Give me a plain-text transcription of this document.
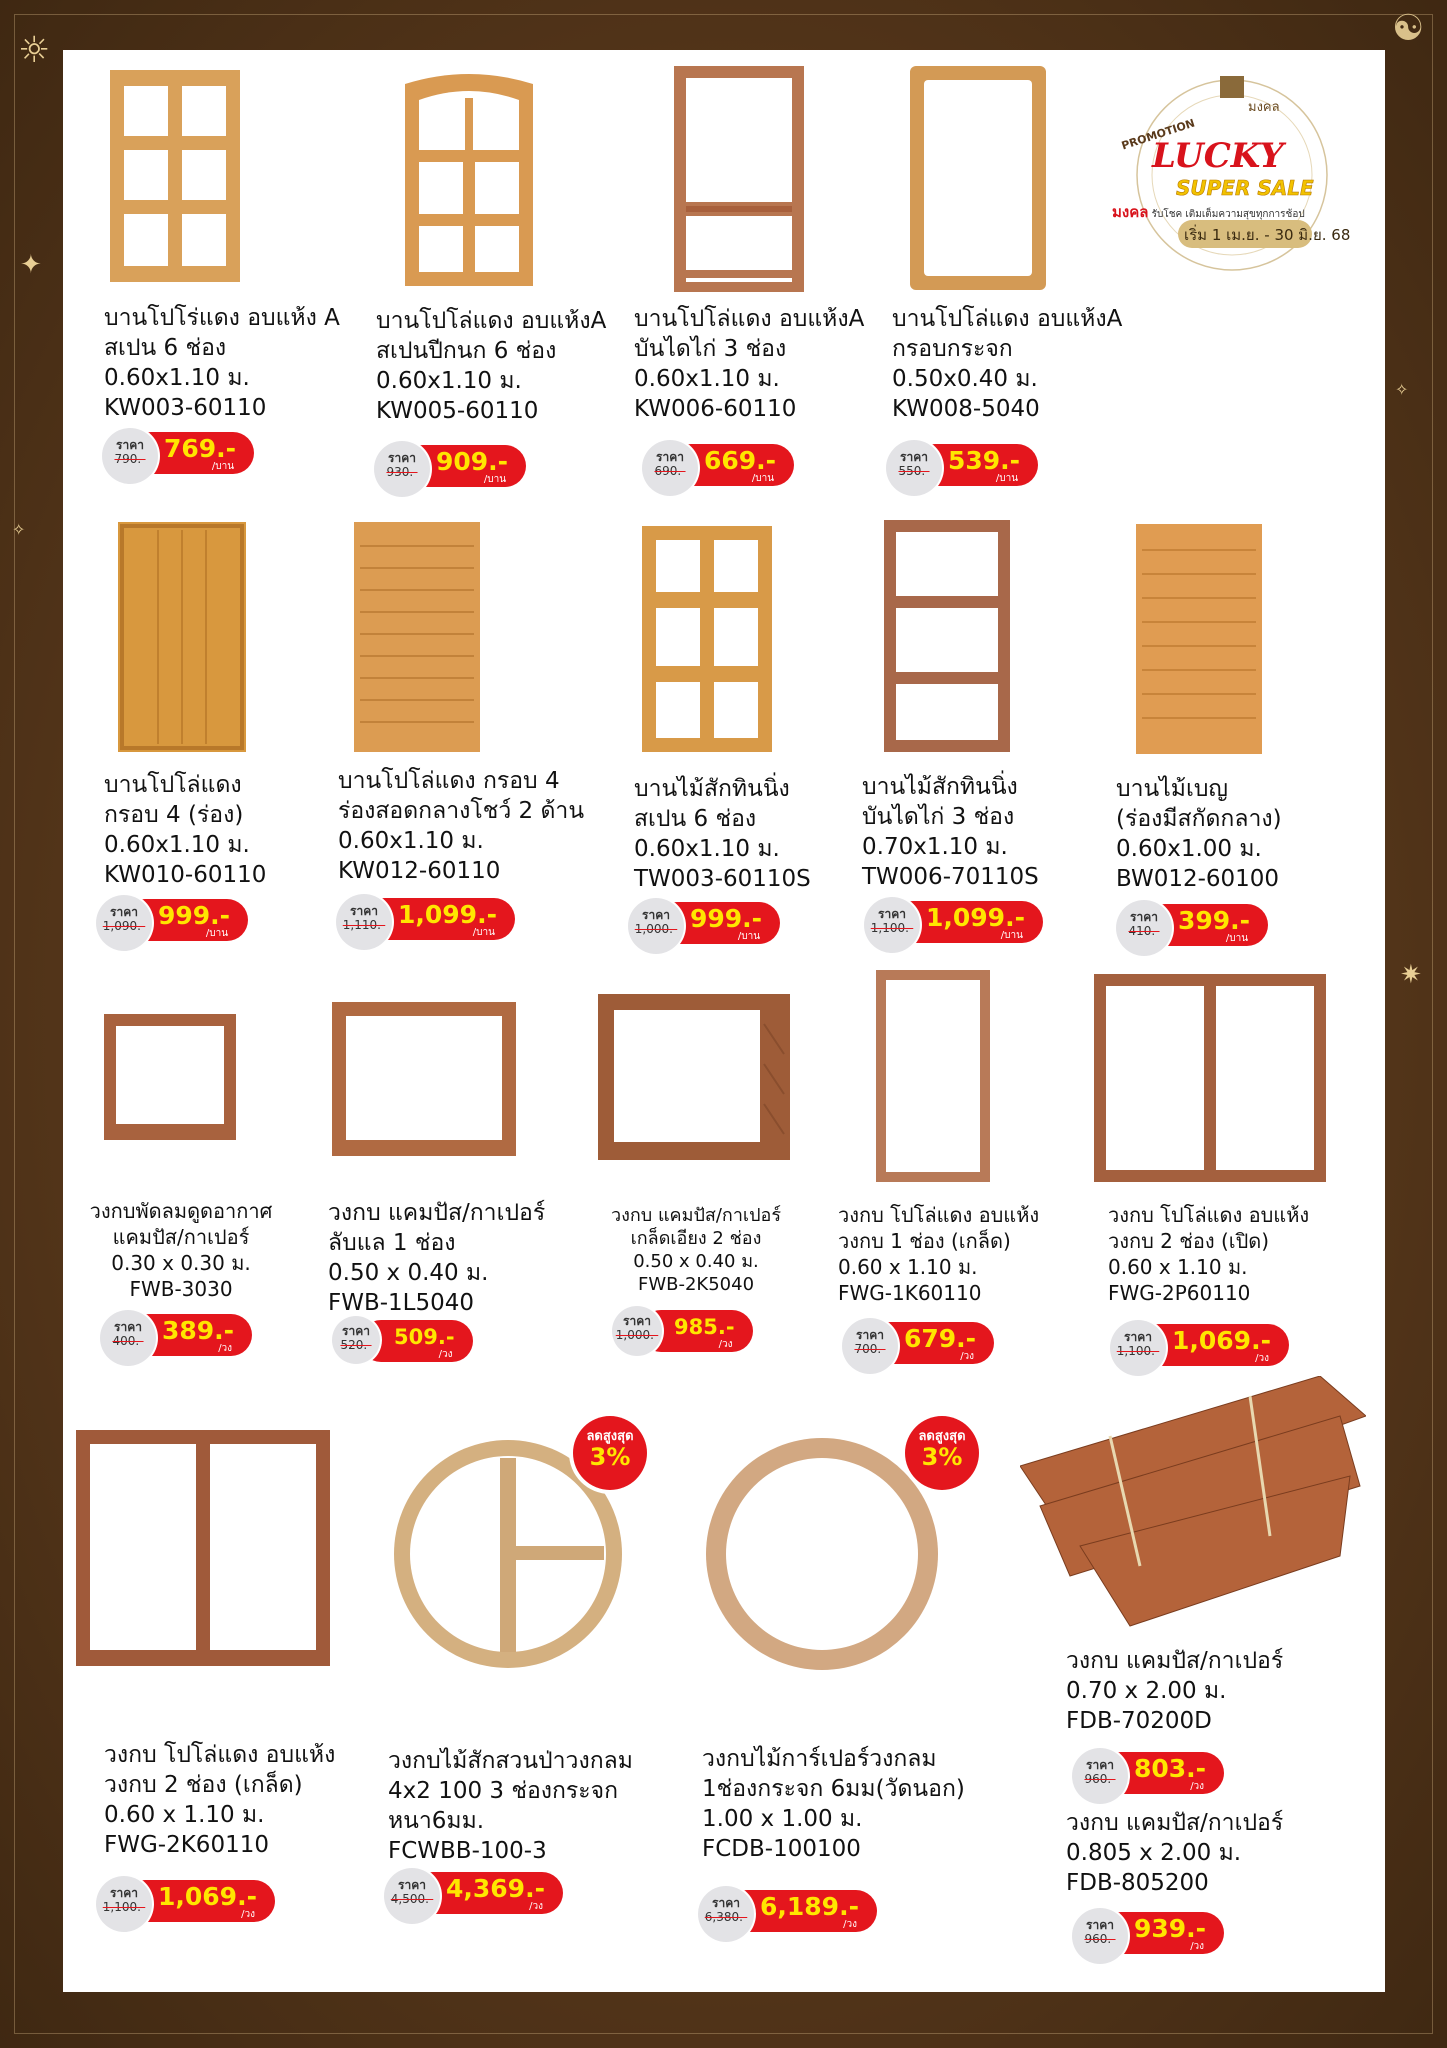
✦
✷
✧
✧
☯
☼
มงคล
PROMOTION
LUCKY
SUPER SALE
มงคล รับโชค เติมเต็มความสุขทุกการช้อป
เริ่ม 1 เม.ย. - 30 มิ.ย. 68
บานโปโร่แดง อบแห้ง A
สเปน 6 ช่อง
0.60x1.10 ม.
KW003-60110
769.-
/บาน
ราคา
790.-
บานโปโล่แดง อบแห้งA
สเปนปีกนก 6 ช่อง
0.60x1.10 ม.
KW005-60110
909.-
/บาน
ราคา
930.-
บานโปโล่แดง อบแห้งA
บันไดไก่ 3 ช่อง
0.60x1.10 ม.
KW006-60110
669.-
/บาน
ราคา
690.-
บานโปโล่แดง อบแห้งA
กรอบกระจก
0.50x0.40 ม.
KW008-5040
539.-
/บาน
ราคา
550.-
บานโปโล่แดง
กรอบ 4 (ร่อง)
0.60x1.10 ม.
KW010-60110
999.-
/บาน
ราคา
1,090.-
บานโปโล่แดง กรอบ 4
ร่องสอดกลางโชว์ 2 ด้าน
0.60x1.10 ม.
KW012-60110
1,099.-
/บาน
ราคา
1,110.-
บานไม้สักทินนิ่ง
สเปน 6 ช่อง
0.60x1.10 ม.
TW003-60110S
999.-
/บาน
ราคา
1,000.-
บานไม้สักทินนิ่ง
บันไดไก่ 3 ช่อง
0.70x1.10 ม.
TW006-70110S
1,099.-
/บาน
ราคา
1,100.-
บานไม้เบญ
(ร่องมีสกัดกลาง)
0.60x1.00 ม.
BW012-60100
399.-
/บาน
ราคา
410.-
วงกบพัดลมดูดอากาศ
แคมปัส/กาเปอร์
0.30 x 0.30 ม.
FWB-3030
389.-
/วง
ราคา
400.-
วงกบ แคมปัส/กาเปอร์
ลับแล 1 ช่อง
0.50 x 0.40 ม.
FWB-1L5040
509.-
/วง
ราคา
520.-
วงกบ แคมปัส/กาเปอร์
เกล็ดเอียง 2 ช่อง
0.50 x 0.40 ม.
FWB-2K5040
985.-
/วง
ราคา
1,000.-
วงกบ โปโล่แดง อบแห้ง
วงกบ 1 ช่อง (เกล็ด)
0.60 x 1.10 ม.
FWG-1K60110
679.-
/วง
ราคา
700.-
วงกบ โปโล่แดง อบแห้ง
วงกบ 2 ช่อง (เปิด)
0.60 x 1.10 ม.
FWG-2P60110
1,069.-
/วง
ราคา
1,100.-
วงกบ โปโล่แดง อบแห้ง
วงกบ 2 ช่อง (เกล็ด)
0.60 x 1.10 ม.
FWG-2K60110
1,069.-
/วง
ราคา
1,100.-
ลดสูงสุด
3%
วงกบไม้สักสวนป่าวงกลม
4x2 100 3 ช่องกระจก
หนา6มม.
FCWBB-100-3
4,369.-
/วง
ราคา
4,500.-
ลดสูงสุด
3%
วงกบไม้การ์เปอร์วงกลม
1ช่องกระจก 6มม(วัดนอก)
1.00 x 1.00 ม.
FCDB-100100
6,189.-
/วง
ราคา
6,380.-
วงกบ แคมปัส/กาเปอร์
0.70 x 2.00 ม.
FDB-70200D
803.-
/วง
ราคา
960.-
วงกบ แคมปัส/กาเปอร์
0.805 x 2.00 ม.
FDB-805200
939.-
/วง
ราคา
960.-
